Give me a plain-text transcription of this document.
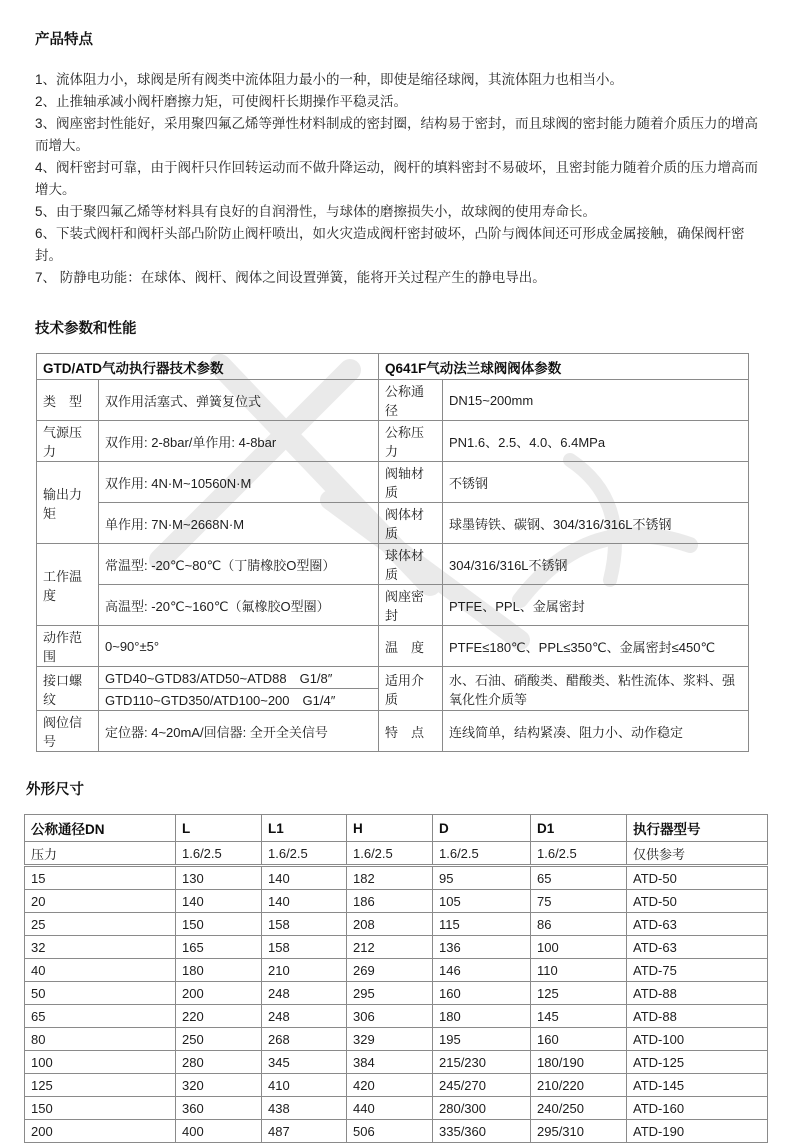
产品特点
1、流体阻力小，球阀是所有阀类中流体阻力最小的一种，即使是缩径球阀，其流体阻力也相当小。
2、止推轴承减小阀杆磨擦力矩，可使阀杆长期操作平稳灵活。
3、阀座密封性能好，采用聚四氟乙烯等弹性材料制成的密封圈，结构易于密封，而且球阀的密封能力随着介质压力的增高而增大。
4、阀杆密封可靠，由于阀杆只作回转运动而不做升降运动，阀杆的填料密封不易破坏，且密封能力随着介质的压力增高而增大。
5、由于聚四氟乙烯等材料具有良好的自润滑性，与球体的磨擦损失小，故球阀的使用寿命长。
6、下装式阀杆和阀杆头部凸阶防止阀杆喷出，如火灾造成阀杆密封破坏，凸阶与阀体间还可形成金属接触，确保阀杆密封。
7、 防静电功能：在球体、阀杆、阀体之间设置弹簧，能将开关过程产生的静电导出。
技术参数和性能
GTD/ATD气动执行器技术参数		Q641F气动法兰球阀阀体参数	
类　型	双作用活塞式、弹簧复位式	公称通径	DN15~200mm
气源压力	双作用: 2-8bar/单作用: 4-8bar	公称压力	PN1.6、2.5、4.0、6.4MPa
输出力矩	双作用: 4N·M~10560N·M	阀轴材质	不锈钢
	单作用: 7N·M~2668N·M	阀体材质	球墨铸铁、碳钢、304/316/316L不锈钢
工作温度	常温型: -20℃~80℃（丁腈橡胶O型圈）	球体材质	304/316/316L不锈钢
	高温型: -20℃~160℃（氟橡胶O型圈）	阀座密封	PTFE、PPL、金属密封
动作范围	0~90°±5°	温　度	PTFE≤180℃、PPL≤350℃、金属密封≤450℃
接口螺纹	GTD40~GTD83/ATD50~ATD88　G1/8″	适用介质	水、石油、硝酸类、醋酸类、粘性流体、浆料、强氧化性介质等
	GTD110~GTD350/ATD100~200　G1/4″		
阀位信号	定位器: 4~20mA/回信器: 全开全关信号	特　点	连线简单，结构紧凑、阻力小、动作稳定
外形尺寸
公称通径DN	L	L1	H	D	D1	执行器型号
压力	1.6/2.5	1.6/2.5	1.6/2.5	1.6/2.5	1.6/2.5	仅供参考
15	130	140	182	95	65	ATD-50
20	140	140	186	105	75	ATD-50
25	150	158	208	115	86	ATD-63
32	165	158	212	136	100	ATD-63
40	180	210	269	146	110	ATD-75
50	200	248	295	160	125	ATD-88
65	220	248	306	180	145	ATD-88
80	250	268	329	195	160	ATD-100
100	280	345	384	215/230	180/190	ATD-125
125	320	410	420	245/270	210/220	ATD-145
150	360	438	440	280/300	240/250	ATD-160
200	400	487	506	335/360	295/310	ATD-190
